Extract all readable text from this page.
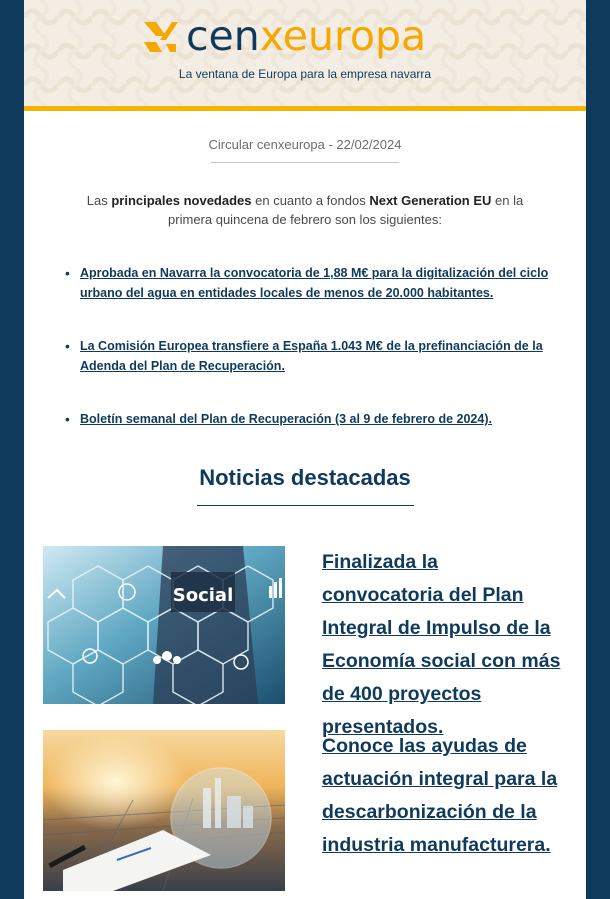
cenxeuropa
La ventana de Europa para la empresa navarra
Circular cenxeuropa - 22/02/2024

Las principales novedades en cuanto a fondos Next Generation EU en la primera quincena de febrero son los siguientes:

• Aprobada en Navarra la convocatoria de 1,88 M€ para la digitalización del ciclo urbano del agua en entidades locales de menos de 20.000 habitantes.
• La Comisión Europea transfiere a España 1.043 M€ de la prefinanciación de la Adenda del Plan de Recuperación.
• Boletín semanal del Plan de Recuperación (3 al 9 de febrero de 2024).
Noticias destacadas
Social
Finalizada la convocatoria del Plan Integral de Impulso de la Economía social con más de 400 proyectos presentados.
Conoce las ayudas de actuación integral para la descarbonización de la industria manufacturera.
